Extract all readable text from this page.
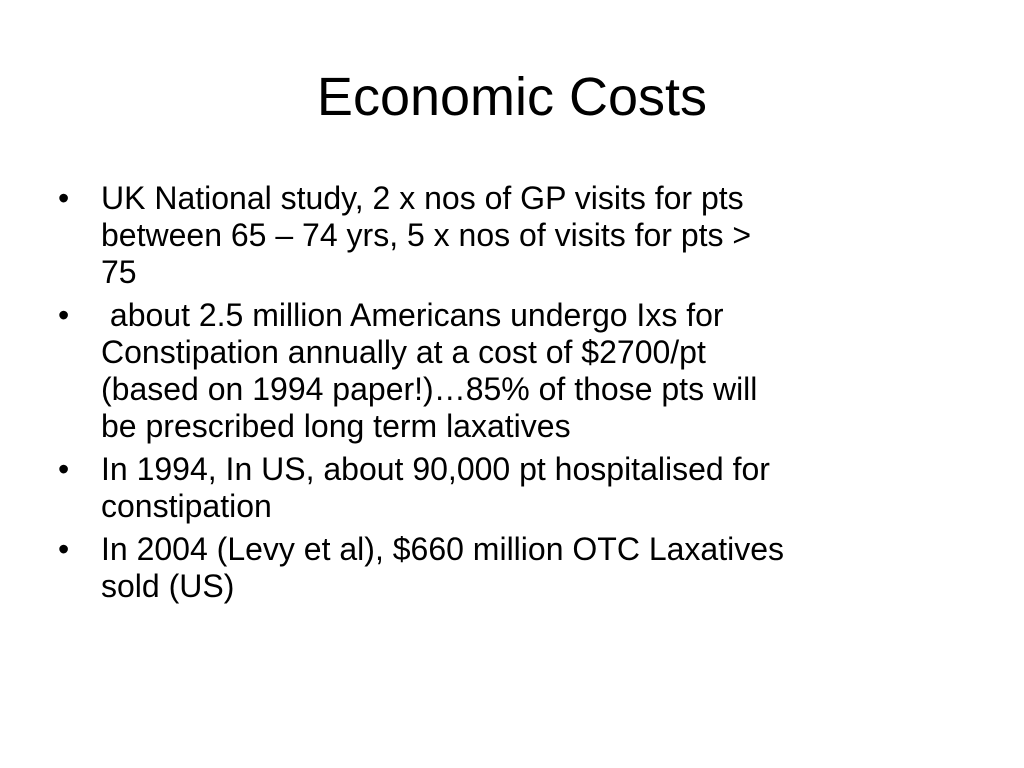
Economic Costs
• UK National study, 2 x nos of GP visits for pts
between 65 – 74 yrs, 5 x nos of visits for pts >
75
• about 2.5 million Americans undergo Ixs for
Constipation annually at a cost of $2700/pt
(based on 1994 paper!)…85% of those pts will
be prescribed long term laxatives
• In 1994, In US, about 90,000 pt hospitalised for
constipation
• In 2004 (Levy et al), $660 million OTC Laxatives
sold (US)
